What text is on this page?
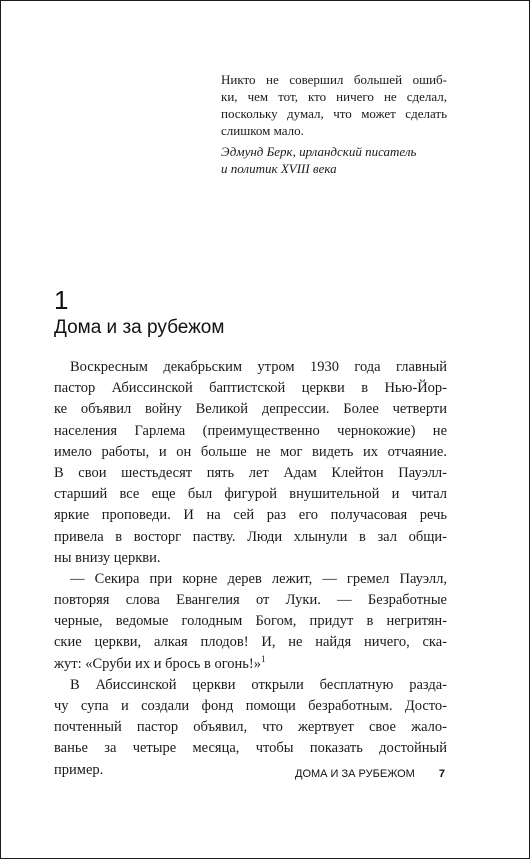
Никто не совершил большей ошиб-
ки, чем тот, кто ничего не сделал,
поскольку думал, что может сделать
слишком мало.

Эдмунд Берк, ирландский писатель
и политик XVIII века

1
Дома и за рубежом
Воскресным декабрьским утром 1930 года главный
пастор Абиссинской баптистской церкви в Нью-Йор-
ке объявил войну Великой депрессии. Более четверти
населения Гарлема (преимущественно чернокожие) не
имело работы, и он больше не мог видеть их отчаяние.
В свои шестьдесят пять лет Адам Клейтон Пауэлл-
старший все еще был фигурой внушительной и читал
яркие проповеди. И на сей раз его получасовая речь
привела в восторг паству. Люди хлынули в зал общи-
ны внизу церкви.
— Секира при корне дерев лежит, — гремел Пауэлл,
повторяя слова Евангелия от Луки. — Безработные
черные, ведомые голодным Богом, придут в негритян-
ские церкви, алкая плодов! И, не найдя ничего, ска-
жут: «Сруби их и брось в огонь!»$^1$
В Абиссинской церкви открыли бесплатную разда-
чу супа и создали фонд помощи безработным. Досто-
почтенный пастор объявил, что жертвует свое жало-
ванье за четыре месяца, чтобы показать достойный
пример.	ДОМА И ЗА РУБЕЖОМ 7
